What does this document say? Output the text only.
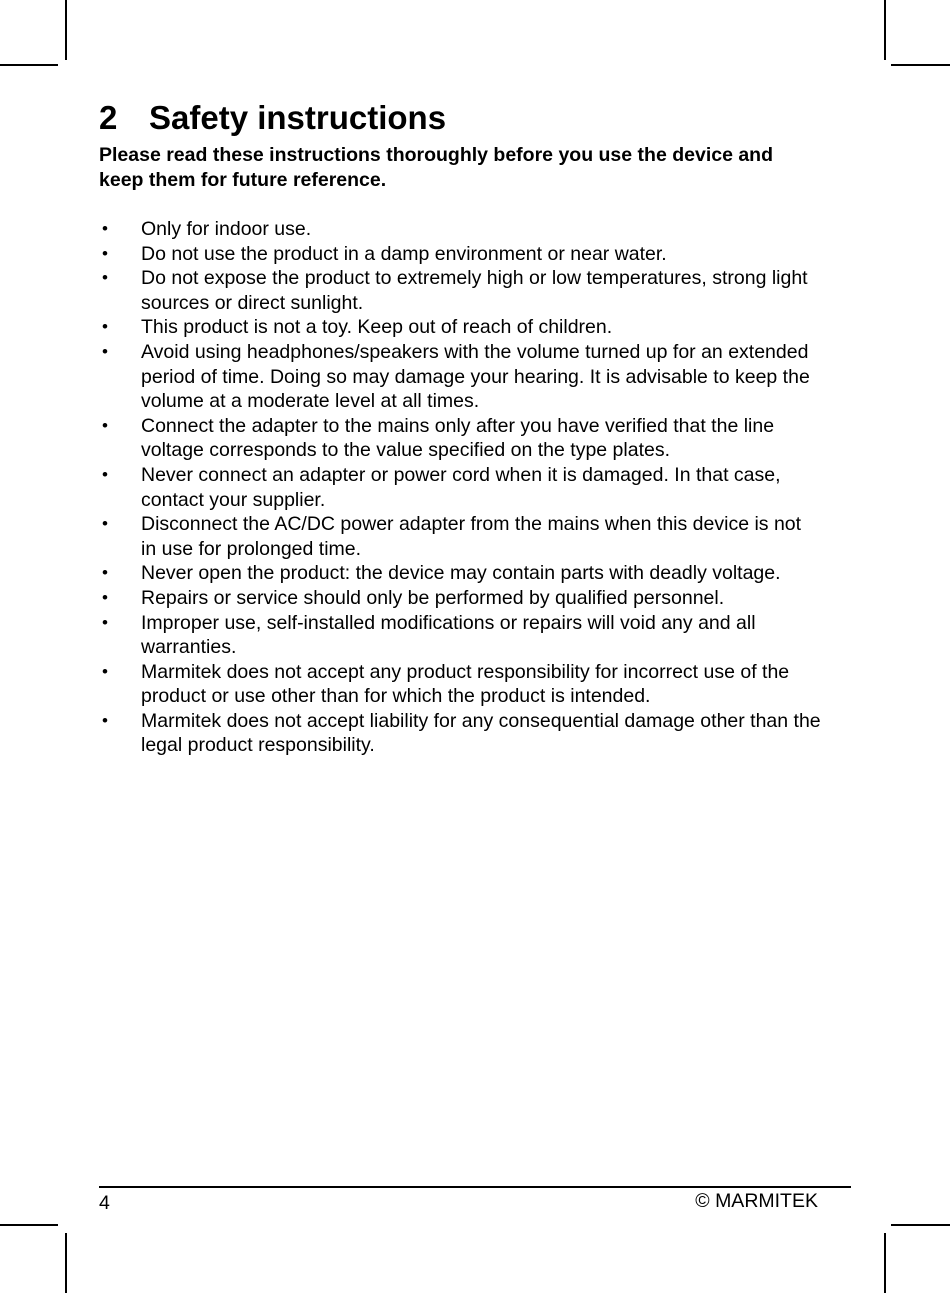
2 Safety instructions

Please read these instructions thoroughly before you use the device and keep them for future reference.

• Only for indoor use.
• Do not use the product in a damp environment or near water.
• Do not expose the product to extremely high or low temperatures, strong light sources or direct sunlight.
• This product is not a toy. Keep out of reach of children.
• Avoid using headphones/speakers with the volume turned up for an extended period of time. Doing so may damage your hearing. It is advisable to keep the volume at a moderate level at all times.
• Connect the adapter to the mains only after you have verified that the line voltage corresponds to the value specified on the type plates.
• Never connect an adapter or power cord when it is damaged. In that case, contact your supplier.
• Disconnect the AC/DC power adapter from the mains when this device is not in use for prolonged time.
• Never open the product: the device may contain parts with deadly voltage.
• Repairs or service should only be performed by qualified personnel.
• Improper use, self-installed modifications or repairs will void any and all warranties.
• Marmitek does not accept any product responsibility for incorrect use of the product or use other than for which the product is intended.
• Marmitek does not accept liability for any consequential damage other than the legal product responsibility.
4	© MARMITEK
